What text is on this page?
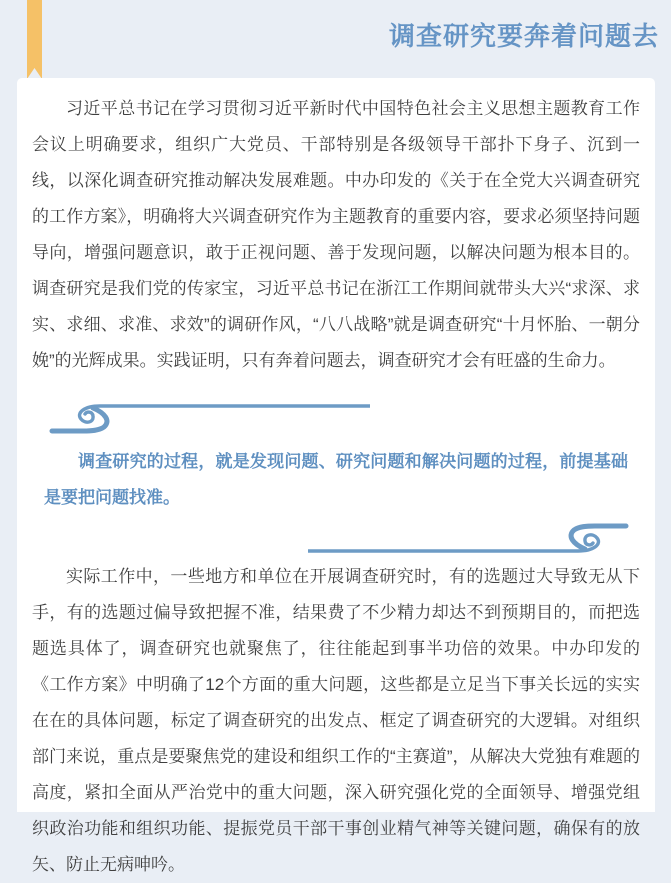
调查研究要奔着问题去

习近平总书记在学习贯彻习近平新时代中国特色社会主义思想主题教育工作会议上明确要求，组织广大党员、干部特别是各级领导干部扑下身子、沉到一线，以深化调查研究推动解决发展难题。中办印发的《关于在全党大兴调查研究的工作方案》，明确将大兴调查研究作为主题教育的重要内容，要求必须坚持问题导向，增强问题意识，敢于正视问题、善于发现问题，以解决问题为根本目的。调查研究是我们党的传家宝，习近平总书记在浙江工作期间就带头大兴“求深、求实、求细、求准、求效”的调研作风，“八八战略”就是调查研究“十月怀胎、一朝分娩”的光辉成果。实践证明，只有奔着问题去，调查研究才会有旺盛的生命力。

调查研究的过程，就是发现问题、研究问题和解决问题的过程，前提基础是要把问题找准。

实际工作中，一些地方和单位在开展调查研究时，有的选题过大导致无从下手，有的选题过偏导致把握不准，结果费了不少精力却达不到预期目的，而把选题选具体了，调查研究也就聚焦了，往往能起到事半功倍的效果。中办印发的《工作方案》中明确了12个方面的重大问题，这些都是立足当下事关长远的实实在在的具体问题，标定了调查研究的出发点、框定了调查研究的大逻辑。对组织部门来说，重点是要聚焦党的建设和组织工作的“主赛道”，从解决大党独有难题的高度，紧扣全面从严治党中的重大问题，深入研究强化党的全面领导、增强党组织政治功能和组织功能、提振党员干部干事创业精气神等关键问题，确保有的放矢、防止无病呻吟。
